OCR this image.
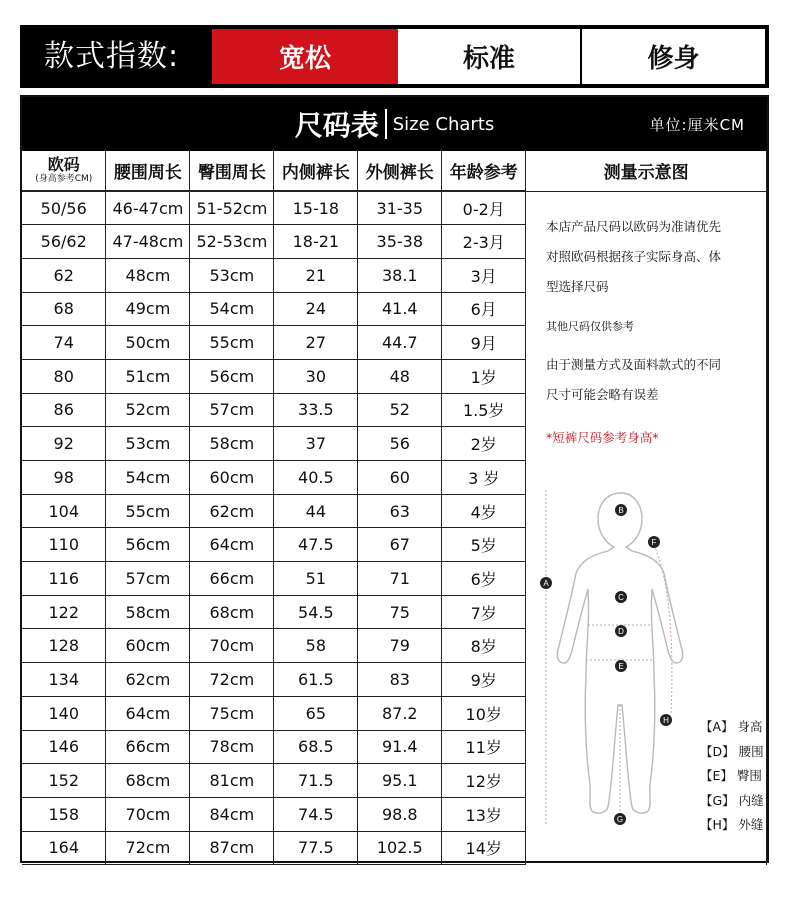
款式指数:	宽松	标准	修身
尺码表 Size Charts	单位:厘米CM
欧码
(身高参考CM)	腰围周长	臀围周长	内侧裤长	外侧裤长	年龄参考	测量示意图
50/56	46-47cm	51-52cm	15-18	31-35	0-2月	
56/62	47-48cm	52-53cm	18-21	35-38	2-3月	
62	48cm	53cm	21	38.1	3月	
68	49cm	54cm	24	41.4	6月	
74	50cm	55cm	27	44.7	9月	
80	51cm	56cm	30	48	1岁	
86	52cm	57cm	33.5	52	1.5岁	
92	53cm	58cm	37	56	2岁	
98	54cm	60cm	40.5	60	3 岁	
104	55cm	62cm	44	63	4岁	
110	56cm	64cm	47.5	67	5岁	
116	57cm	66cm	51	71	6岁	
122	58cm	68cm	54.5	75	7岁	
128	60cm	70cm	58	79	8岁	
134	62cm	72cm	61.5	83	9岁	
140	64cm	75cm	65	87.2	10岁	
146	66cm	78cm	68.5	91.4	11岁	
152	68cm	81cm	71.5	95.1	12岁	
158	70cm	84cm	74.5	98.8	13岁	
164	72cm	87cm	77.5	102.5	14岁	
本店产品尺码以欧码为准请优先
对照欧码根据孩子实际身高、体
型选择尺码
其他尺码仅供参考
由于测量方式及面料款式的不同
尺寸可能会略有误差
*短裤尺码参考身高*
A
B
C
D
E
F
G
H 【A】 身高
【D】 腰围
【E】 臀围
【G】 内缝
【H】 外缝
